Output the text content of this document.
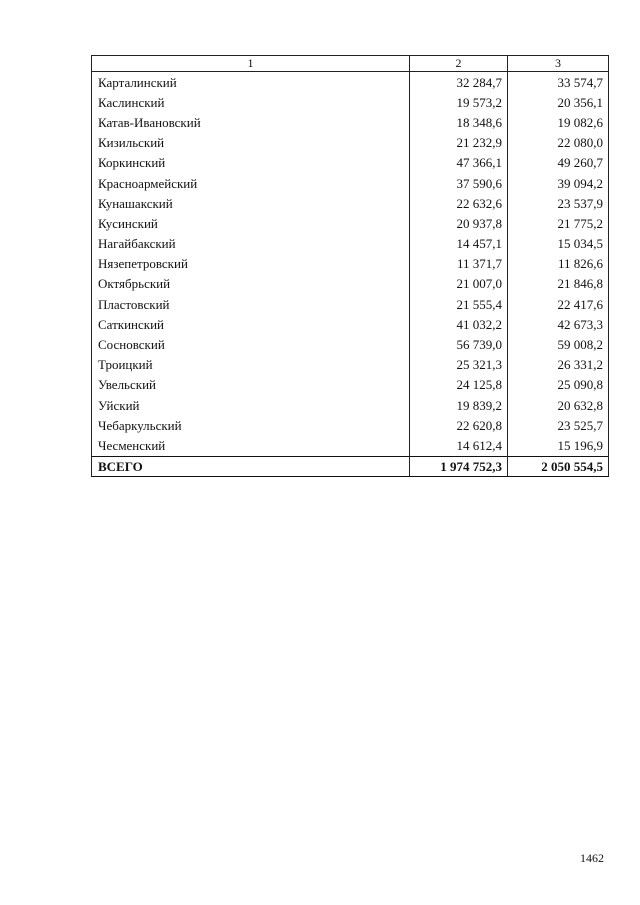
1	2	3
Карталинский	32 284,7	33 574,7
Каслинский	19 573,2	20 356,1
Катав-Ивановский	18 348,6	19 082,6
Кизильский	21 232,9	22 080,0
Коркинский	47 366,1	49 260,7
Красноармейский	37 590,6	39 094,2
Кунашакский	22 632,6	23 537,9
Кусинский	20 937,8	21 775,2
Нагайбакский	14 457,1	15 034,5
Нязепетровский	11 371,7	11 826,6
Октябрьский	21 007,0	21 846,8
Пластовский	21 555,4	22 417,6
Саткинский	41 032,2	42 673,3
Сосновский	56 739,0	59 008,2
Троицкий	25 321,3	26 331,2
Увельский	24 125,8	25 090,8
Уйский	19 839,2	20 632,8
Чебаркульский	22 620,8	23 525,7
Чесменский	14 612,4	15 196,9
ВСЕГО	1 974 752,3	2 050 554,5
1462
